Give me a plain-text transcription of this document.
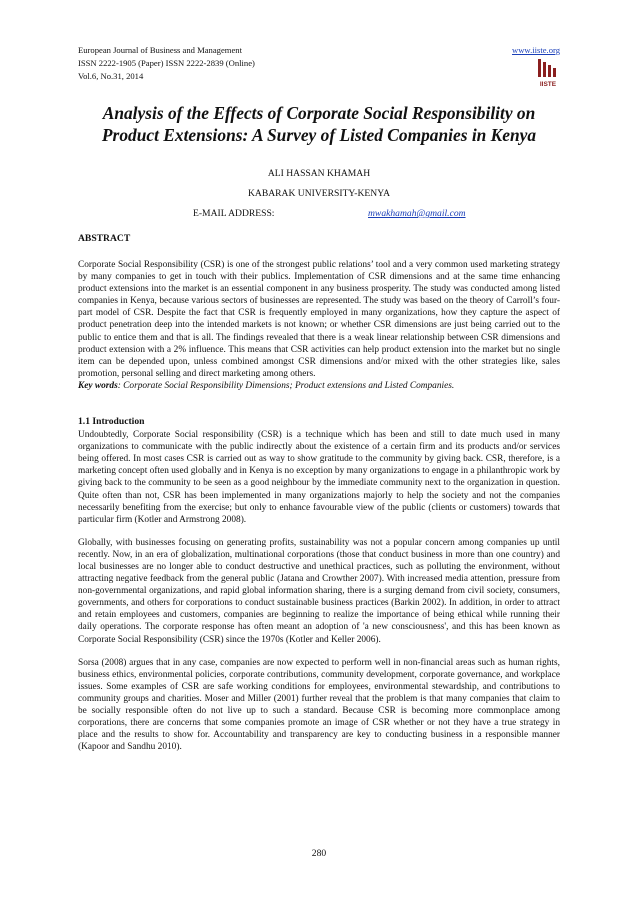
European Journal of Business and Management
ISSN 2222-1905 (Paper) ISSN 2222-2839 (Online)
Vol.6, No.31, 2014
www.iiste.org
IISTE
Analysis of the Effects of Corporate Social Responsibility on
Product Extensions: A Survey of Listed Companies in Kenya
ALI HASSAN KHAMAH
KABARAK UNIVERSITY-KENYA
E-MAIL ADDRESS:	mwakhamah@gmail.com
ABSTRACT

Corporate Social Responsibility (CSR) is one of the strongest public relations’ tool and a very common used marketing strategy by many companies to get in touch with their publics. Implementation of CSR dimensions and at the same time enhancing product extensions into the market is an essential component in any business prosperity. The study was conducted among listed companies in Kenya, because various sectors of businesses are represented. The study was based on the theory of Carroll’s four-part model of CSR. Despite the fact that CSR is frequently employed in many organizations, how they capture the aspect of product penetration deep into the intended markets is not known; or whether CSR dimensions are just being carried out to the public to entice them and that is all. The findings revealed that there is a weak linear relationship between CSR dimensions and product extension with a 2% influence. This means that CSR activities can help product extension into the market but no single item can be depended upon, unless combined amongst CSR dimensions and/or mixed with the other strategies like, sales promotion, personal selling and direct marketing among others.

Key words: Corporate Social Responsibility Dimensions; Product extensions and Listed Companies.

1.1 Introduction

Undoubtedly, Corporate Social responsibility (CSR) is a technique which has been and still to date much used in many organizations to communicate with the public indirectly about the existence of a certain firm and its products and/or services being offered. In most cases CSR is carried out as way to show gratitude to the community by giving back. CSR, therefore, is a marketing concept often used globally and in Kenya is no exception by many organizations to engage in a philanthropic work by giving back to the community to be seen as a good neighbour by the immediate community next to the organization in question. Quite often than not, CSR has been implemented in many organizations majorly to help the society and not the companies necessarily benefiting from the exercise; but only to enhance favourable view of the public (clients or customers) towards that particular firm (Kotler and Armstrong 2008).

Globally, with businesses focusing on generating profits, sustainability was not a popular concern among companies up until recently. Now, in an era of globalization, multinational corporations (those that conduct business in more than one country) and local businesses are no longer able to conduct destructive and unethical practices, such as polluting the environment, without attracting negative feedback from the general public (Jatana and Crowther 2007). With increased media attention, pressure from non-governmental organizations, and rapid global information sharing, there is a surging demand from civil society, consumers, governments, and others for corporations to conduct sustainable business practices (Barkin 2002). In addition, in order to attract and retain employees and customers, companies are beginning to realize the importance of being ethical while running their daily operations. The corporate response has often meant an adoption of 'a new consciousness', and this has been known as Corporate Social Responsibility (CSR) since the 1970s (Kotler and Keller 2006).

Sorsa (2008) argues that in any case, companies are now expected to perform well in non-financial areas such as human rights, business ethics, environmental policies, corporate contributions, community development, corporate governance, and workplace issues. Some examples of CSR are safe working conditions for employees, environmental stewardship, and contributions to community groups and charities. Moser and Miller (2001) further reveal that the problem is that many companies that claim to be socially responsible often do not live up to such a standard. Because CSR is becoming more commonplace among corporations, there are concerns that some companies promote an image of CSR whether or not they have a true strategy in place and the results to show for. Accountability and transparency are key to conducting business in a responsible manner (Kapoor and Sandhu 2010).

280
